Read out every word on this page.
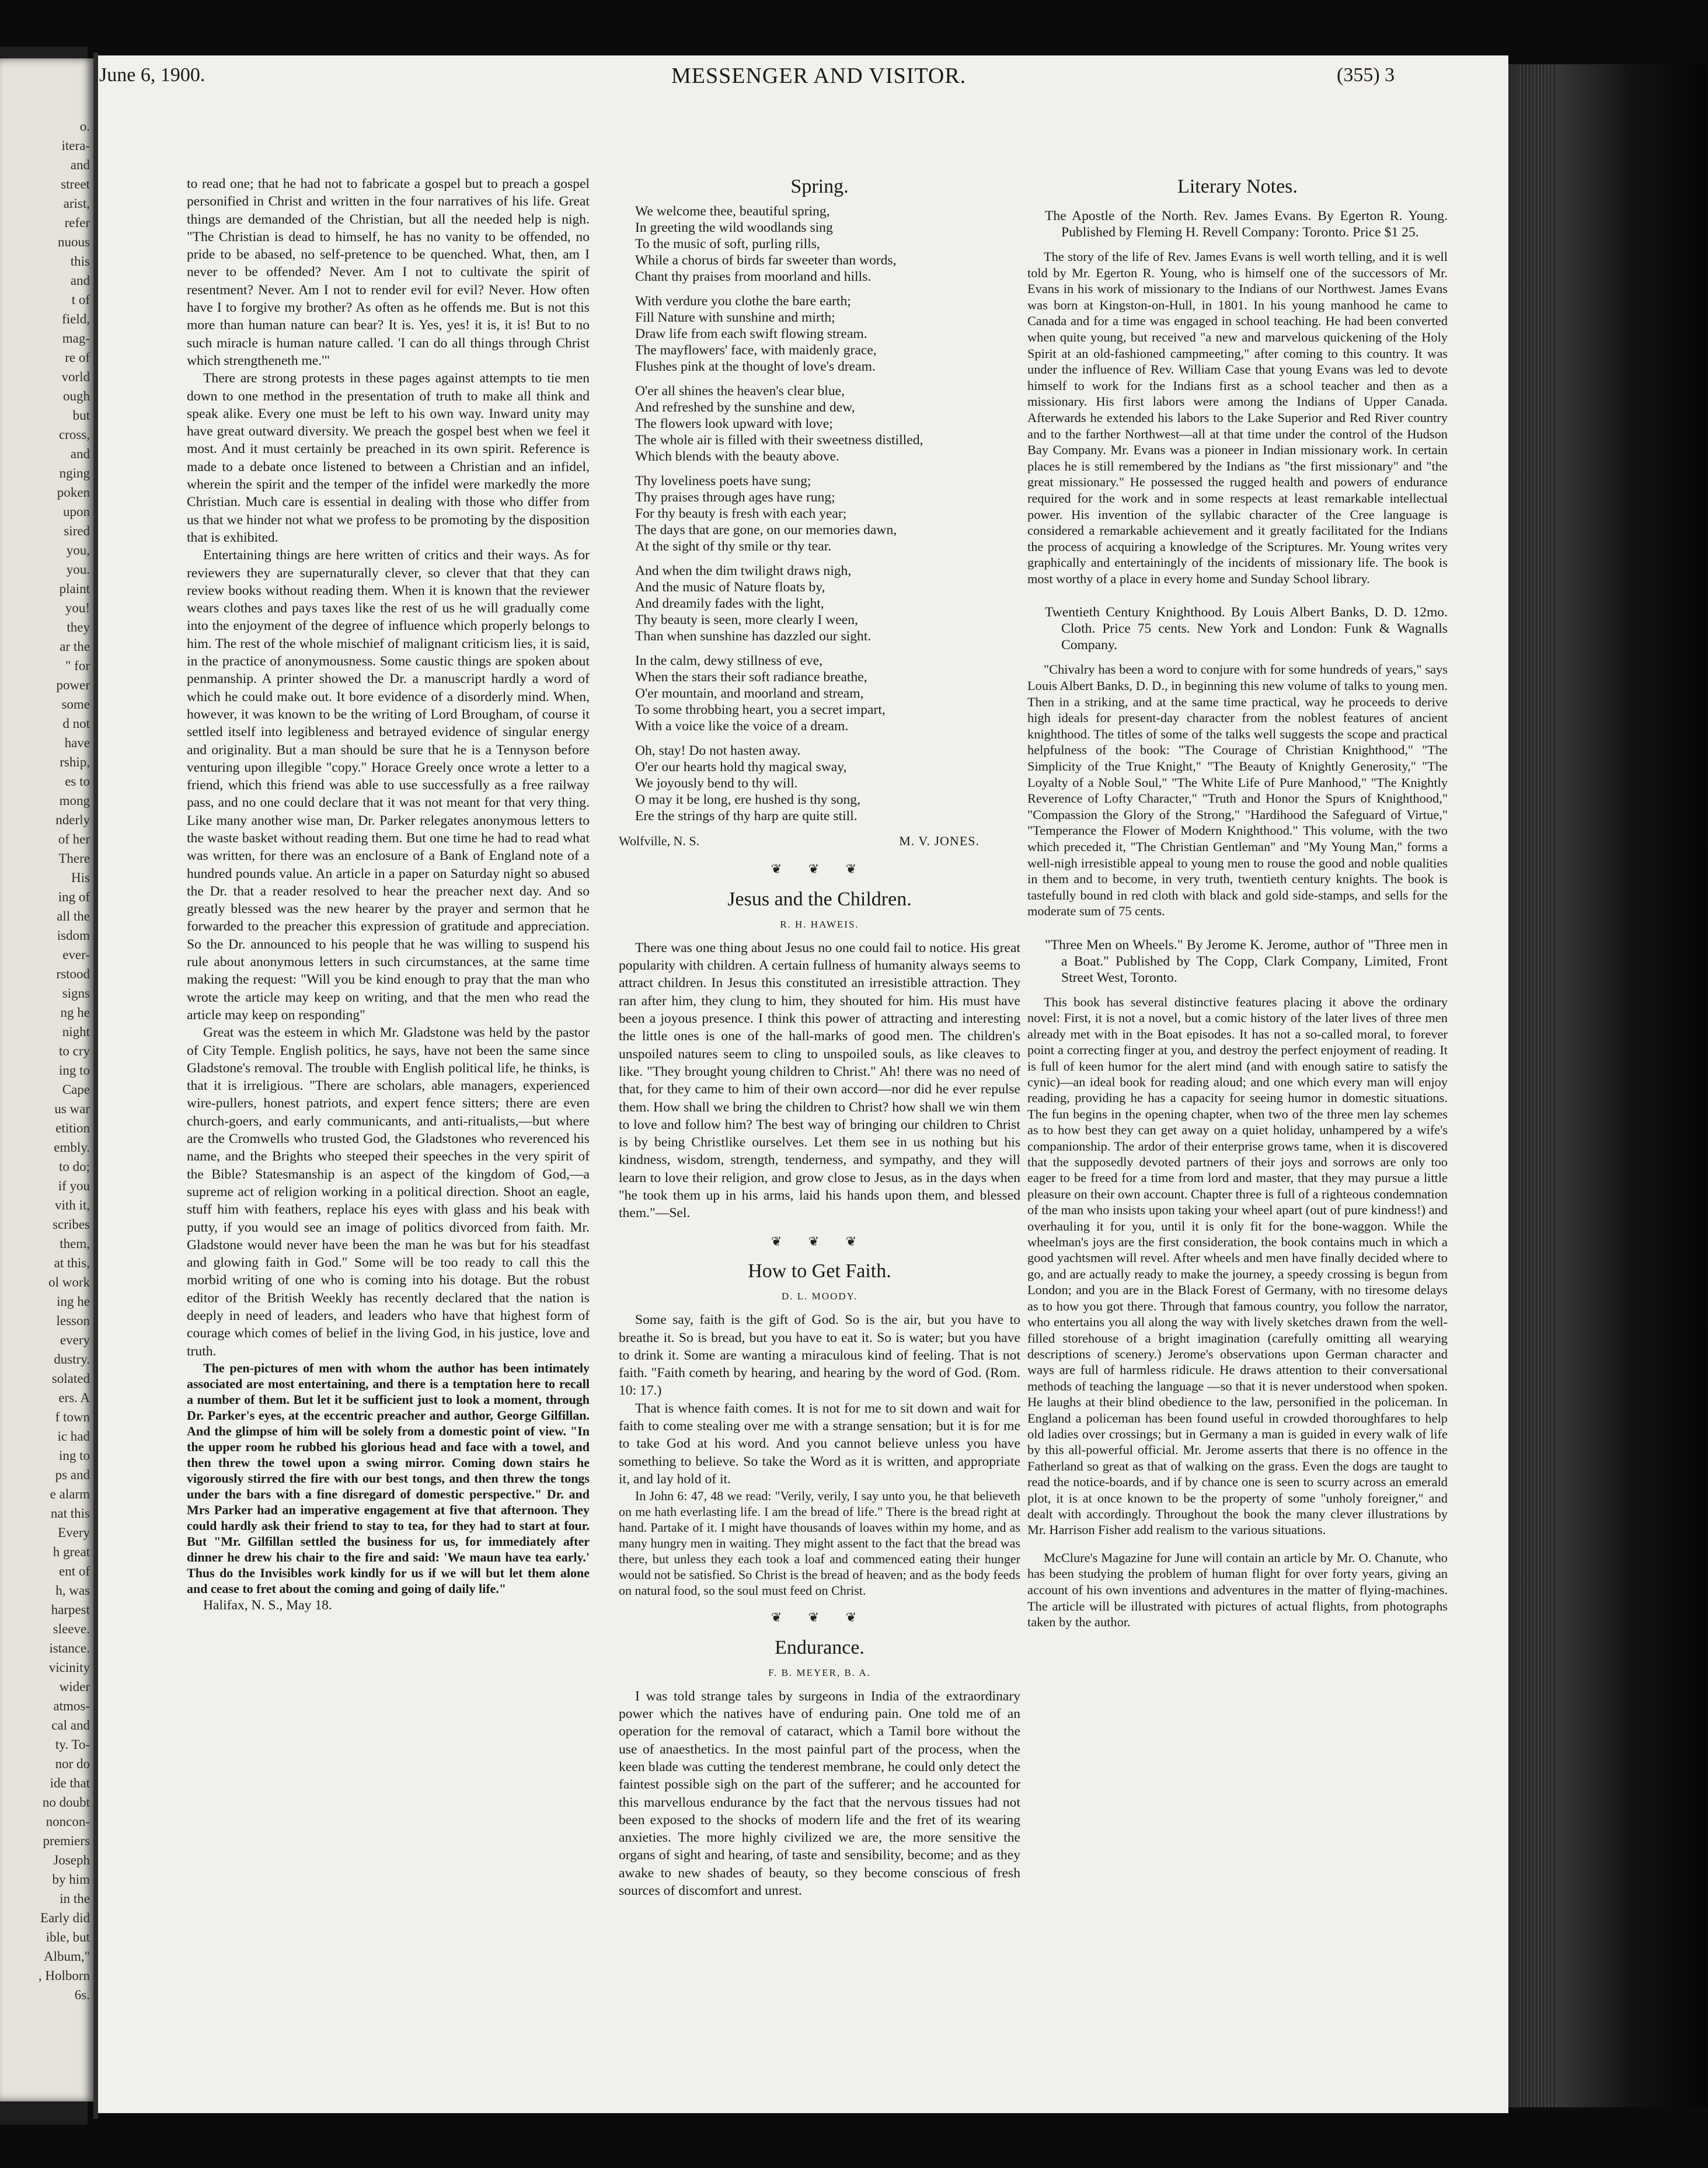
o.
itera-
and
street
arist,
refer
nuous
this
and
t of
field,
mag-
re of
vorld
ough
but
cross,
and
nging
poken
upon
sired
you,
you.
plaint
you!
they
ar the
" for
power
some
d not
have
rship,
es to
mong
nderly
of her
There
His
ing of
all the
isdom
ever-
rstood
signs
ng he
night
to cry
ing to
Cape
us war
etition
embly.
to do;
if you
vith it,
scribes
them,
at this,
ol work
ing he
lesson
every
dustry.
solated
ers. A
f town
ic had
ing to
ps and
e alarm
nat this
Every
h great
ent of
h, was
harpest
sleeve.
istance.
vicinity
wider
atmos-
cal and
ty. To-
nor do
ide that
no doubt
noncon-
premiers
Joseph
by him
in the
Early did
ible, but
Album,"
, Holborn
6s.
June 6, 1900.	MESSENGER AND VISITOR.	(355) 3

to read one; that he had not to fabricate a gospel but to preach a gospel personified in Christ and written in the four narratives of his life. Great things are demanded of the Christian, but all the needed help is nigh. "The Christian is dead to himself, he has no vanity to be offended, no pride to be abased, no self-pretence to be quenched. What, then, am I never to be offended? Never. Am I not to cultivate the spirit of resentment? Never. Am I not to render evil for evil? Never. How often have I to forgive my brother? As often as he offends me. But is not this more than human nature can bear? It is. Yes, yes! it is, it is! But to no such miracle is human nature called. 'I can do all things through Christ which strengtheneth me.'"

There are strong protests in these pages against attempts to tie men down to one method in the presentation of truth to make all think and speak alike. Every one must be left to his own way. Inward unity may have great outward diversity. We preach the gospel best when we feel it most. And it must certainly be preached in its own spirit. Reference is made to a debate once listened to between a Christian and an infidel, wherein the spirit and the temper of the infidel were markedly the more Christian. Much care is essential in dealing with those who differ from us that we hinder not what we profess to be promoting by the disposition that is exhibited.

Entertaining things are here written of critics and their ways. As for reviewers they are supernaturally clever, so clever that that they can review books without reading them. When it is known that the reviewer wears clothes and pays taxes like the rest of us he will gradually come into the enjoyment of the degree of influence which properly belongs to him. The rest of the whole mischief of malignant criticism lies, it is said, in the practice of anonymousness. Some caustic things are spoken about penmanship. A printer showed the Dr. a manuscript hardly a word of which he could make out. It bore evidence of a disorderly mind. When, however, it was known to be the writing of Lord Brougham, of course it settled itself into legibleness and betrayed evidence of singular energy and originality. But a man should be sure that he is a Tennyson before venturing upon illegible "copy." Horace Greely once wrote a letter to a friend, which this friend was able to use successfully as a free railway pass, and no one could declare that it was not meant for that very thing. Like many another wise man, Dr. Parker relegates anonymous letters to the waste basket without reading them. But one time he had to read what was written, for there was an enclosure of a Bank of England note of a hundred pounds value. An article in a paper on Saturday night so abused the Dr. that a reader resolved to hear the preacher next day. And so greatly blessed was the new hearer by the prayer and sermon that he forwarded to the preacher this expression of gratitude and appreciation. So the Dr. announced to his people that he was willing to suspend his rule about anonymous letters in such circumstances, at the same time making the request: "Will you be kind enough to pray that the man who wrote the article may keep on writing, and that the men who read the article may keep on responding"

Great was the esteem in which Mr. Gladstone was held by the pastor of City Temple. English politics, he says, have not been the same since Gladstone's removal. The trouble with English political life, he thinks, is that it is irreligious. "There are scholars, able managers, experienced wire-pullers, honest patriots, and expert fence sitters; there are even church-goers, and early communicants, and anti-ritualists,—but where are the Cromwells who trusted God, the Gladstones who reverenced his name, and the Brights who steeped their speeches in the very spirit of the Bible? Statesmanship is an aspect of the kingdom of God,—a supreme act of religion working in a political direction. Shoot an eagle, stuff him with feathers, replace his eyes with glass and his beak with putty, if you would see an image of politics divorced from faith. Mr. Gladstone would never have been the man he was but for his steadfast and glowing faith in God." Some will be too ready to call this the morbid writing of one who is coming into his dotage. But the robust editor of the British Weekly has recently declared that the nation is deeply in need of leaders, and leaders who have that highest form of courage which comes of belief in the living God, in his justice, love and truth.

The pen-pictures of men with whom the author has been intimately associated are most entertaining, and there is a temptation here to recall a number of them. But let it be sufficient just to look a moment, through Dr. Parker's eyes, at the eccentric preacher and author, George Gilfillan. And the glimpse of him will be solely from a domestic point of view. "In the upper room he rubbed his glorious head and face with a towel, and then threw the towel upon a swing mirror. Coming down stairs he vigorously stirred the fire with our best tongs, and then threw the tongs under the bars with a fine disregard of domestic perspective." Dr. and Mrs Parker had an imperative engagement at five that afternoon. They could hardly ask their friend to stay to tea, for they had to start at four. But "Mr. Gilfillan settled the business for us, for immediately after dinner he drew his chair to the fire and said: 'We maun have tea early.' Thus do the Invisibles work kindly for us if we will but let them alone and cease to fret about the coming and going of daily life."

Halifax, N. S., May 18.

Spring.
We welcome thee, beautiful spring,
In greeting the wild woodlands sing
To the music of soft, purling rills,
While a chorus of birds far sweeter than words,
Chant thy praises from moorland and hills.
With verdure you clothe the bare earth;
Fill Nature with sunshine and mirth;
Draw life from each swift flowing stream.
The mayflowers' face, with maidenly grace,
Flushes pink at the thought of love's dream.
O'er all shines the heaven's clear blue,
And refreshed by the sunshine and dew,
The flowers look upward with love;
The whole air is filled with their sweetness distilled,
Which blends with the beauty above.
Thy loveliness poets have sung;
Thy praises through ages have rung;
For thy beauty is fresh with each year;
The days that are gone, on our memories dawn,
At the sight of thy smile or thy tear.
And when the dim twilight draws nigh,
And the music of Nature floats by,
And dreamily fades with the light,
Thy beauty is seen, more clearly I ween,
Than when sunshine has dazzled our sight.
In the calm, dewy stillness of eve,
When the stars their soft radiance breathe,
O'er mountain, and moorland and stream,
To some throbbing heart, you a secret impart,
With a voice like the voice of a dream.
Oh, stay! Do not hasten away.
O'er our hearts hold thy magical sway,
We joyously bend to thy will.
O may it be long, ere hushed is thy song,
Ere the strings of thy harp are quite still.
Wolfville, N. S.	M. V. JONES.
❦ ❦ ❦
Jesus and the Children.
R. H. HAWEIS.

There was one thing about Jesus no one could fail to notice. His great popularity with children. A certain fullness of humanity always seems to attract children. In Jesus this constituted an irresistible attraction. They ran after him, they clung to him, they shouted for him. His must have been a joyous presence. I think this power of attracting and interesting the little ones is one of the hall-marks of good men. The children's unspoiled natures seem to cling to unspoiled souls, as like cleaves to like. "They brought young children to Christ." Ah! there was no need of that, for they came to him of their own accord—nor did he ever repulse them. How shall we bring the children to Christ? how shall we win them to love and follow him? The best way of bringing our children to Christ is by being Christlike ourselves. Let them see in us nothing but his kindness, wisdom, strength, tenderness, and sympathy, and they will learn to love their religion, and grow close to Jesus, as in the days when "he took them up in his arms, laid his hands upon them, and blessed them."—Sel.

❦ ❦ ❦
How to Get Faith.
D. L. MOODY.

Some say, faith is the gift of God. So is the air, but you have to breathe it. So is bread, but you have to eat it. So is water; but you have to drink it. Some are wanting a miraculous kind of feeling. That is not faith. "Faith cometh by hearing, and hearing by the word of God. (Rom. 10: 17.)

That is whence faith comes. It is not for me to sit down and wait for faith to come stealing over me with a strange sensation; but it is for me to take God at his word. And you cannot believe unless you have something to believe. So take the Word as it is written, and appropriate it, and lay hold of it.

In John 6: 47, 48 we read: "Verily, verily, I say unto you, he that believeth on me hath everlasting life. I am the bread of life." There is the bread right at hand. Partake of it. I might have thousands of loaves within my home, and as many hungry men in waiting. They might assent to the fact that the bread was there, but unless they each took a loaf and commenced eating their hunger would not be satisfied. So Christ is the bread of heaven; and as the body feeds on natural food, so the soul must feed on Christ.

❦ ❦ ❦
Endurance.
F. B. MEYER, B. A.

I was told strange tales by surgeons in India of the extraordinary power which the natives have of enduring pain. One told me of an operation for the removal of cataract, which a Tamil bore without the use of anaesthetics. In the most painful part of the process, when the keen blade was cutting the tenderest membrane, he could only detect the faintest possible sigh on the part of the sufferer; and he accounted for this marvellous endurance by the fact that the nervous tissues had not been exposed to the shocks of modern life and the fret of its wearing anxieties. The more highly civilized we are, the more sensitive the organs of sight and hearing, of taste and sensibility, become; and as they awake to new shades of beauty, so they become conscious of fresh sources of discomfort and unrest.

Literary Notes.
The Apostle of the North. Rev. James Evans. By Egerton R. Young. Published by Fleming H. Revell Company: Toronto. Price $1 25.

The story of the life of Rev. James Evans is well worth telling, and it is well told by Mr. Egerton R. Young, who is himself one of the successors of Mr. Evans in his work of missionary to the Indians of our Northwest. James Evans was born at Kingston-on-Hull, in 1801. In his young manhood he came to Canada and for a time was engaged in school teaching. He had been converted when quite young, but received "a new and marvelous quickening of the Holy Spirit at an old-fashioned campmeeting," after coming to this country. It was under the influence of Rev. William Case that young Evans was led to devote himself to work for the Indians first as a school teacher and then as a missionary. His first labors were among the Indians of Upper Canada. Afterwards he extended his labors to the Lake Superior and Red River country and to the farther Northwest—all at that time under the control of the Hudson Bay Company. Mr. Evans was a pioneer in Indian missionary work. In certain places he is still remembered by the Indians as "the first missionary" and "the great missionary." He possessed the rugged health and powers of endurance required for the work and in some respects at least remarkable intellectual power. His invention of the syllabic character of the Cree language is considered a remarkable achievement and it greatly facilitated for the Indians the process of acquiring a knowledge of the Scriptures. Mr. Young writes very graphically and entertainingly of the incidents of missionary life. The book is most worthy of a place in every home and Sunday School library.

Twentieth Century Knighthood. By Louis Albert Banks, D. D. 12mo. Cloth. Price 75 cents. New York and London: Funk & Wagnalls Company.

"Chivalry has been a word to conjure with for some hundreds of years," says Louis Albert Banks, D. D., in beginning this new volume of talks to young men. Then in a striking, and at the same time practical, way he proceeds to derive high ideals for present-day character from the noblest features of ancient knighthood. The titles of some of the talks well suggests the scope and practical helpfulness of the book: "The Courage of Christian Knighthood," "The Simplicity of the True Knight," "The Beauty of Knightly Generosity," "The Loyalty of a Noble Soul," "The White Life of Pure Manhood," "The Knightly Reverence of Lofty Character," "Truth and Honor the Spurs of Knighthood," "Compassion the Glory of the Strong," "Hardihood the Safeguard of Virtue," "Temperance the Flower of Modern Knighthood." This volume, with the two which preceded it, "The Christian Gentleman" and "My Young Man," forms a well-nigh irresistible appeal to young men to rouse the good and noble qualities in them and to become, in very truth, twentieth century knights. The book is tastefully bound in red cloth with black and gold side-stamps, and sells for the moderate sum of 75 cents.

"Three Men on Wheels." By Jerome K. Jerome, author of "Three men in a Boat." Published by The Copp, Clark Company, Limited, Front Street West, Toronto.

This book has several distinctive features placing it above the ordinary novel: First, it is not a novel, but a comic history of the later lives of three men already met with in the Boat episodes. It has not a so-called moral, to forever point a correcting finger at you, and destroy the perfect enjoyment of reading. It is full of keen humor for the alert mind (and with enough satire to satisfy the cynic)—an ideal book for reading aloud; and one which every man will enjoy reading, providing he has a capacity for seeing humor in domestic situations. The fun begins in the opening chapter, when two of the three men lay schemes as to how best they can get away on a quiet holiday, unhampered by a wife's companionship. The ardor of their enterprise grows tame, when it is discovered that the supposedly devoted partners of their joys and sorrows are only too eager to be freed for a time from lord and master, that they may pursue a little pleasure on their own account. Chapter three is full of a righteous condemnation of the man who insists upon taking your wheel apart (out of pure kindness!) and overhauling it for you, until it is only fit for the bone-waggon. While the wheelman's joys are the first consideration, the book contains much in which a good yachtsmen will revel. After wheels and men have finally decided where to go, and are actually ready to make the journey, a speedy crossing is begun from London; and you are in the Black Forest of Germany, with no tiresome delays as to how you got there. Through that famous country, you follow the narrator, who entertains you all along the way with lively sketches drawn from the well-filled storehouse of a bright imagination (carefully omitting all wearying descriptions of scenery.) Jerome's observations upon German character and ways are full of harmless ridicule. He draws attention to their conversational methods of teaching the language —so that it is never understood when spoken. He laughs at their blind obedience to the law, personified in the policeman. In England a policeman has been found useful in crowded thoroughfares to help old ladies over crossings; but in Germany a man is guided in every walk of life by this all-powerful official. Mr. Jerome asserts that there is no offence in the Fatherland so great as that of walking on the grass. Even the dogs are taught to read the notice-boards, and if by chance one is seen to scurry across an emerald plot, it is at once known to be the property of some "unholy foreigner," and dealt with accordingly. Throughout the book the many clever illustrations by Mr. Harrison Fisher add realism to the various situations.

McClure's Magazine for June will contain an article by Mr. O. Chanute, who has been studying the problem of human flight for over forty years, giving an account of his own inventions and adventures in the matter of flying-machines. The article will be illustrated with pictures of actual flights, from photographs taken by the author.
